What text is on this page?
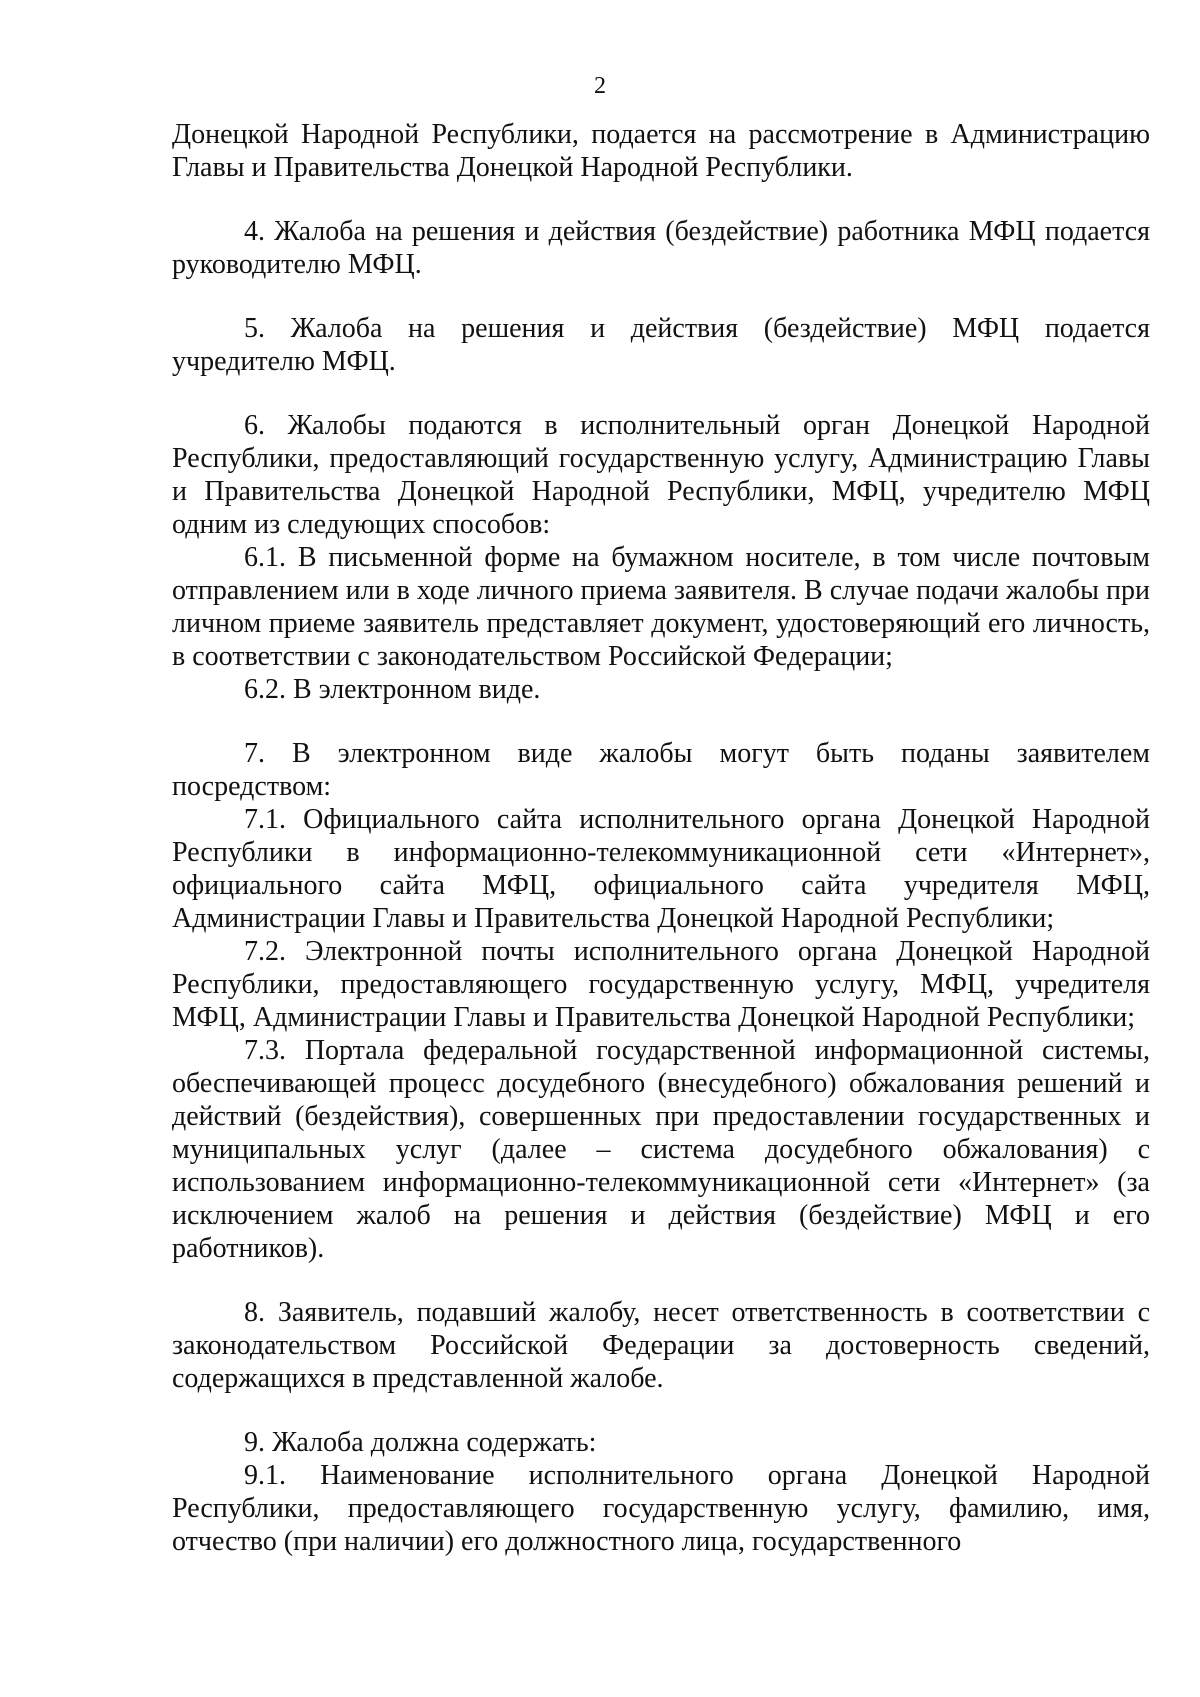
2

Донецкой Народной Республики, подается на рассмотрение в Администрацию Главы и Правительства Донецкой Народной Республики.

4. Жалоба на решения и действия (бездействие) работника МФЦ подается руководителю МФЦ.

5. Жалоба на решения и действия (бездействие) МФЦ подается учредителю МФЦ.

6. Жалобы подаются в исполнительный орган Донецкой Народной Республики, предоставляющий государственную услугу, Администрацию Главы и Правительства Донецкой Народной Республики, МФЦ, учредителю МФЦ одним из следующих способов:

6.1. В письменной форме на бумажном носителе, в том числе почтовым отправлением или в ходе личного приема заявителя. В случае подачи жалобы при личном приеме заявитель представляет документ, удостоверяющий его личность, в соответствии с законодательством Российской Федерации;

6.2. В электронном виде.

7. В электронном виде жалобы могут быть поданы заявителем посредством:

7.1. Официального сайта исполнительного органа Донецкой Народной Республики в информационно-телекоммуникационной сети «Интернет», официального сайта МФЦ, официального сайта учредителя МФЦ, Администрации Главы и Правительства Донецкой Народной Республики;

7.2. Электронной почты исполнительного органа Донецкой Народной Республики, предоставляющего государственную услугу, МФЦ, учредителя МФЦ, Администрации Главы и Правительства Донецкой Народной Республики;

7.3. Портала федеральной государственной информационной системы, обеспечивающей процесс досудебного (внесудебного) обжалования решений и действий (бездействия), совершенных при предоставлении государственных и муниципальных услуг (далее – система досудебного обжалования) с использованием информационно-телекоммуникационной сети «Интернет» (за исключением жалоб на решения и действия (бездействие) МФЦ и его работников).

8. Заявитель, подавший жалобу, несет ответственность в соответствии с законодательством Российской Федерации за достоверность сведений, содержащихся в представленной жалобе.

9. Жалоба должна содержать:

9.1. Наименование исполнительного органа Донецкой Народной Республики, предоставляющего государственную услугу, фамилию, имя, отчество (при наличии) его должностного лица, государственного
